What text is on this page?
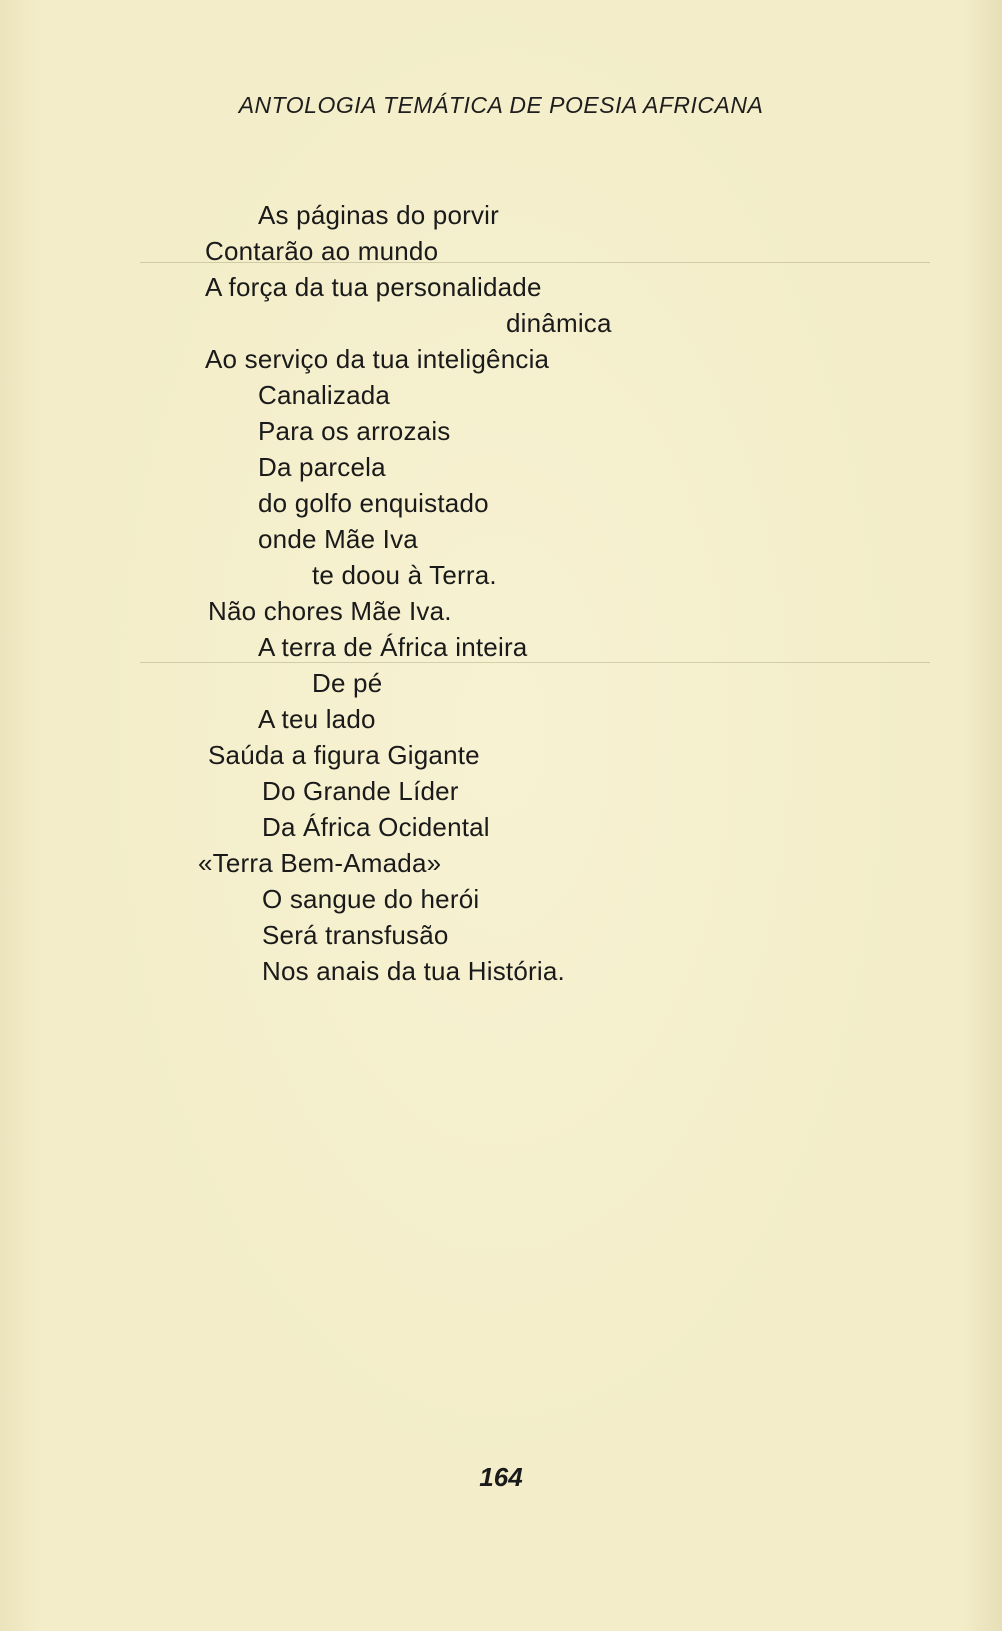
ANTOLOGIA TEMÁTICA DE POESIA AFRICANA
As páginas do porvir
Contarão ao mundo
A força da tua personalidade
dinâmica
Ao serviço da tua inteligência
Canalizada
Para os arrozais
Da parcela
do golfo enquistado
onde Mãe Iva
te doou à Terra.
Não chores Mãe Iva.
A terra de África inteira
De pé
A teu lado
Saúda a figura Gigante
Do Grande Líder
Da África Ocidental
«Terra Bem-Amada»
O sangue do herói
Será transfusão
Nos anais da tua História.
164
